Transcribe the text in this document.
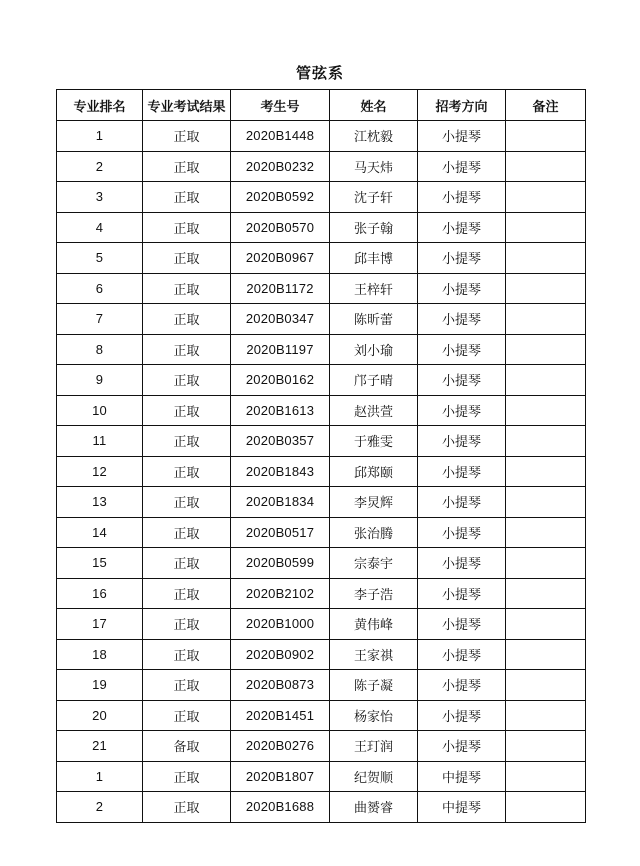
管弦系
专业排名	专业考试结果	考生号	姓名	招考方向	备注
1	正取	2020B1448	江枕毅	小提琴	
2	正取	2020B0232	马天炜	小提琴	
3	正取	2020B0592	沈子轩	小提琴	
4	正取	2020B0570	张子翰	小提琴	
5	正取	2020B0967	邱丰博	小提琴	
6	正取	2020B1172	王梓轩	小提琴	
7	正取	2020B0347	陈昕蕾	小提琴	
8	正取	2020B1197	刘小瑜	小提琴	
9	正取	2020B0162	邝子晴	小提琴	
10	正取	2020B1613	赵洪萱	小提琴	
11	正取	2020B0357	于雅雯	小提琴	
12	正取	2020B1843	邱郑颐	小提琴	
13	正取	2020B1834	李炅辉	小提琴	
14	正取	2020B0517	张治腾	小提琴	
15	正取	2020B0599	宗泰宇	小提琴	
16	正取	2020B2102	李子浩	小提琴	
17	正取	2020B1000	黄伟峰	小提琴	
18	正取	2020B0902	王家祺	小提琴	
19	正取	2020B0873	陈子凝	小提琴	
20	正取	2020B1451	杨家怡	小提琴	
21	备取	2020B0276	王玎润	小提琴	
1	正取	2020B1807	纪贺顺	中提琴	
2	正取	2020B1688	曲赟睿	中提琴	
